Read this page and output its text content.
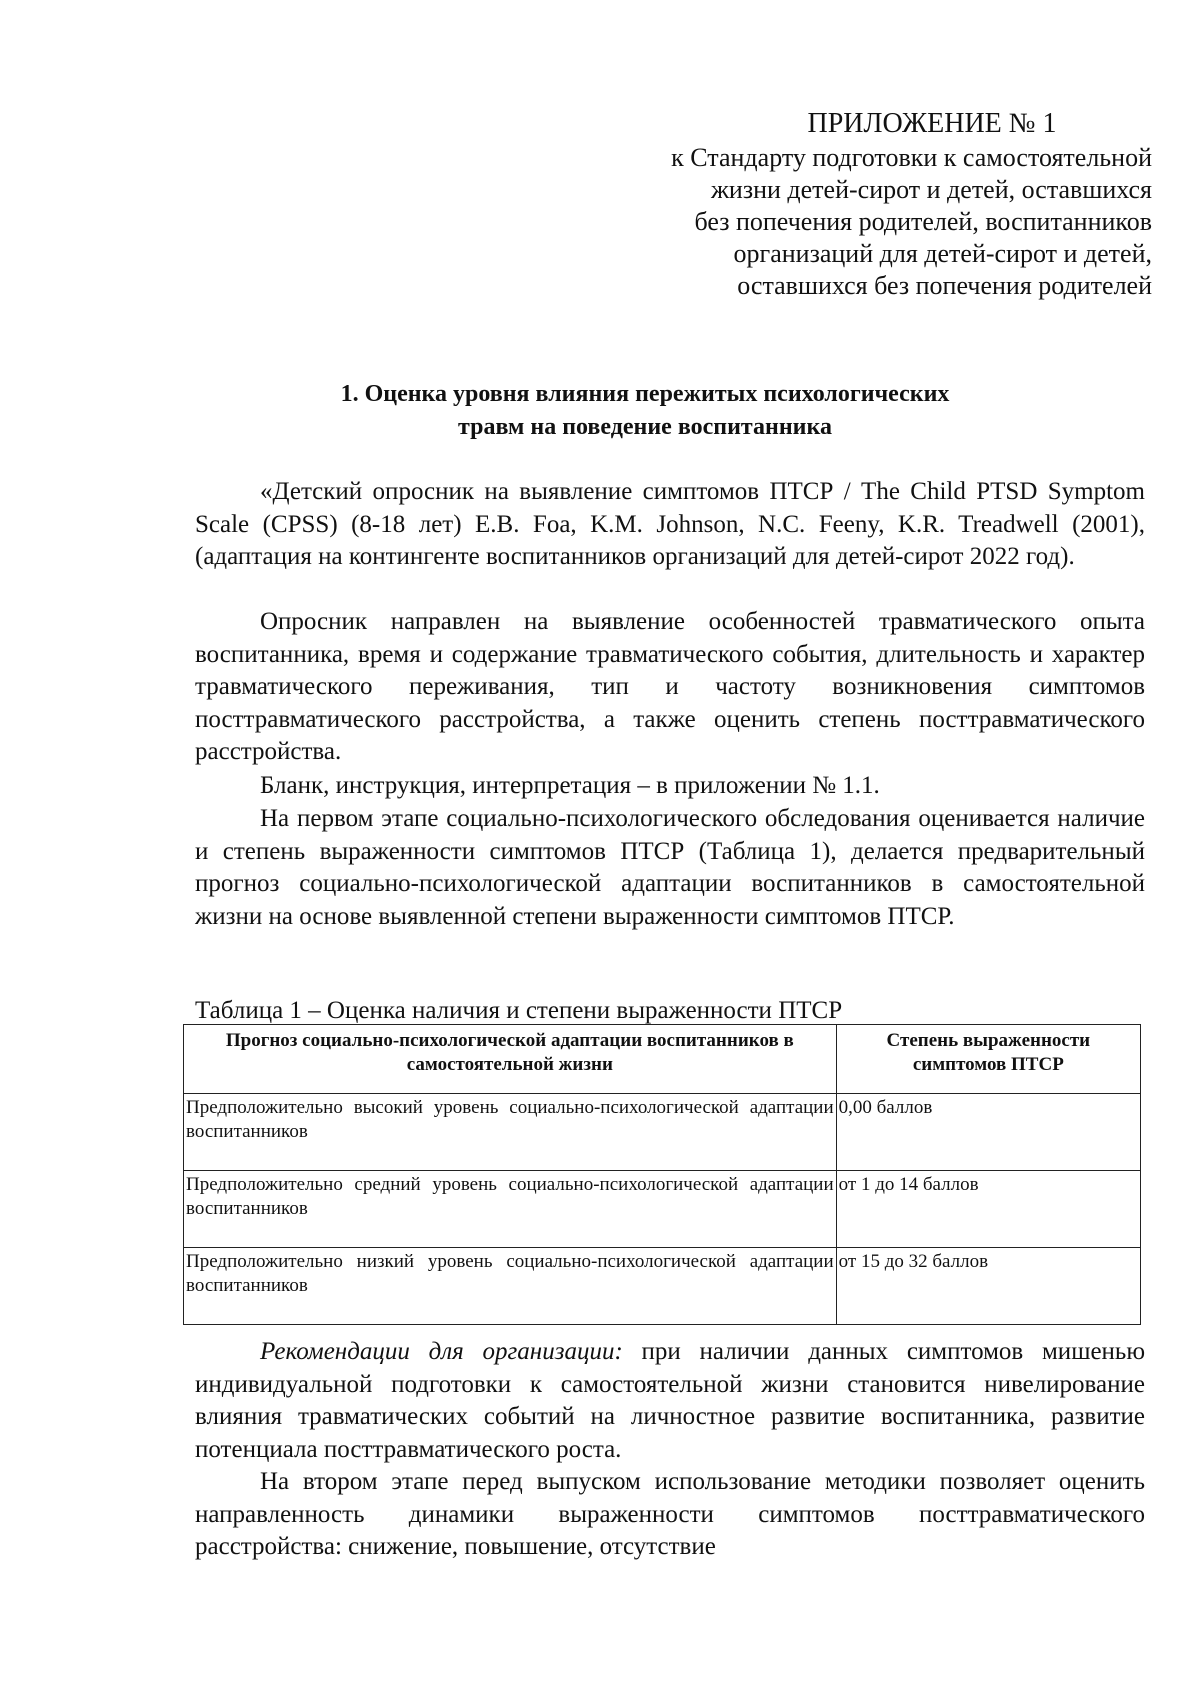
ПРИЛОЖЕНИЕ № 1
к Стандарту подготовки к самостоятельной
жизни детей-сирот и детей, оставшихся
без попечения родителей, воспитанников
организаций для детей-сирот и детей,
оставшихся без попечения родителей
1. Оценка уровня влияния пережитых психологических
травм на поведение воспитанника

«Детский опросник на выявление симптомов ПТСР / The Child PTSD Symptom Scale (CPSS) (8-18 лет) E.B. Foa, K.M. Johnson, N.C. Feeny, K.R. Treadwell (2001), (адаптация на контингенте воспитанников организаций для детей-сирот 2022 год).

Опросник направлен на выявление особенностей травматического опыта воспитанника, время и содержание травматического события, длительность и характер травматического переживания, тип и частоту возникновения симптомов посттравматического расстройства, а также оценить степень посттравматического расстройства.

Бланк, инструкция, интерпретация – в приложении № 1.1.

На первом этапе социально-психологического обследования оценивается наличие и степень выраженности симптомов ПТСР (Таблица 1), делается предварительный прогноз социально-психологической адаптации воспитанников в самостоятельной жизни на основе выявленной степени выраженности симптомов ПТСР.

Таблица 1 – Оценка наличия и степени выраженности ПТСР
Прогноз социально-психологической адаптации воспитанников в самостоятельной жизни	Степень выраженности симптомов ПТСР
Предположительно высокий уровень социально-психологической адаптации воспитанников	0,00 баллов
Предположительно средний уровень социально-психологической адаптации воспитанников	от 1 до 14 баллов
Предположительно низкий уровень социально-психологической адаптации воспитанников	от 15 до 32 баллов

Рекомендации для организации: при наличии данных симптомов мишенью индивидуальной подготовки к самостоятельной жизни становится нивелирование влияния травматических событий на личностное развитие воспитанника, развитие потенциала посттравматического роста.

На втором этапе перед выпуском использование методики позволяет оценить направленность динамики выраженности симптомов посттравматического расстройства: снижение, повышение, отсутствие
